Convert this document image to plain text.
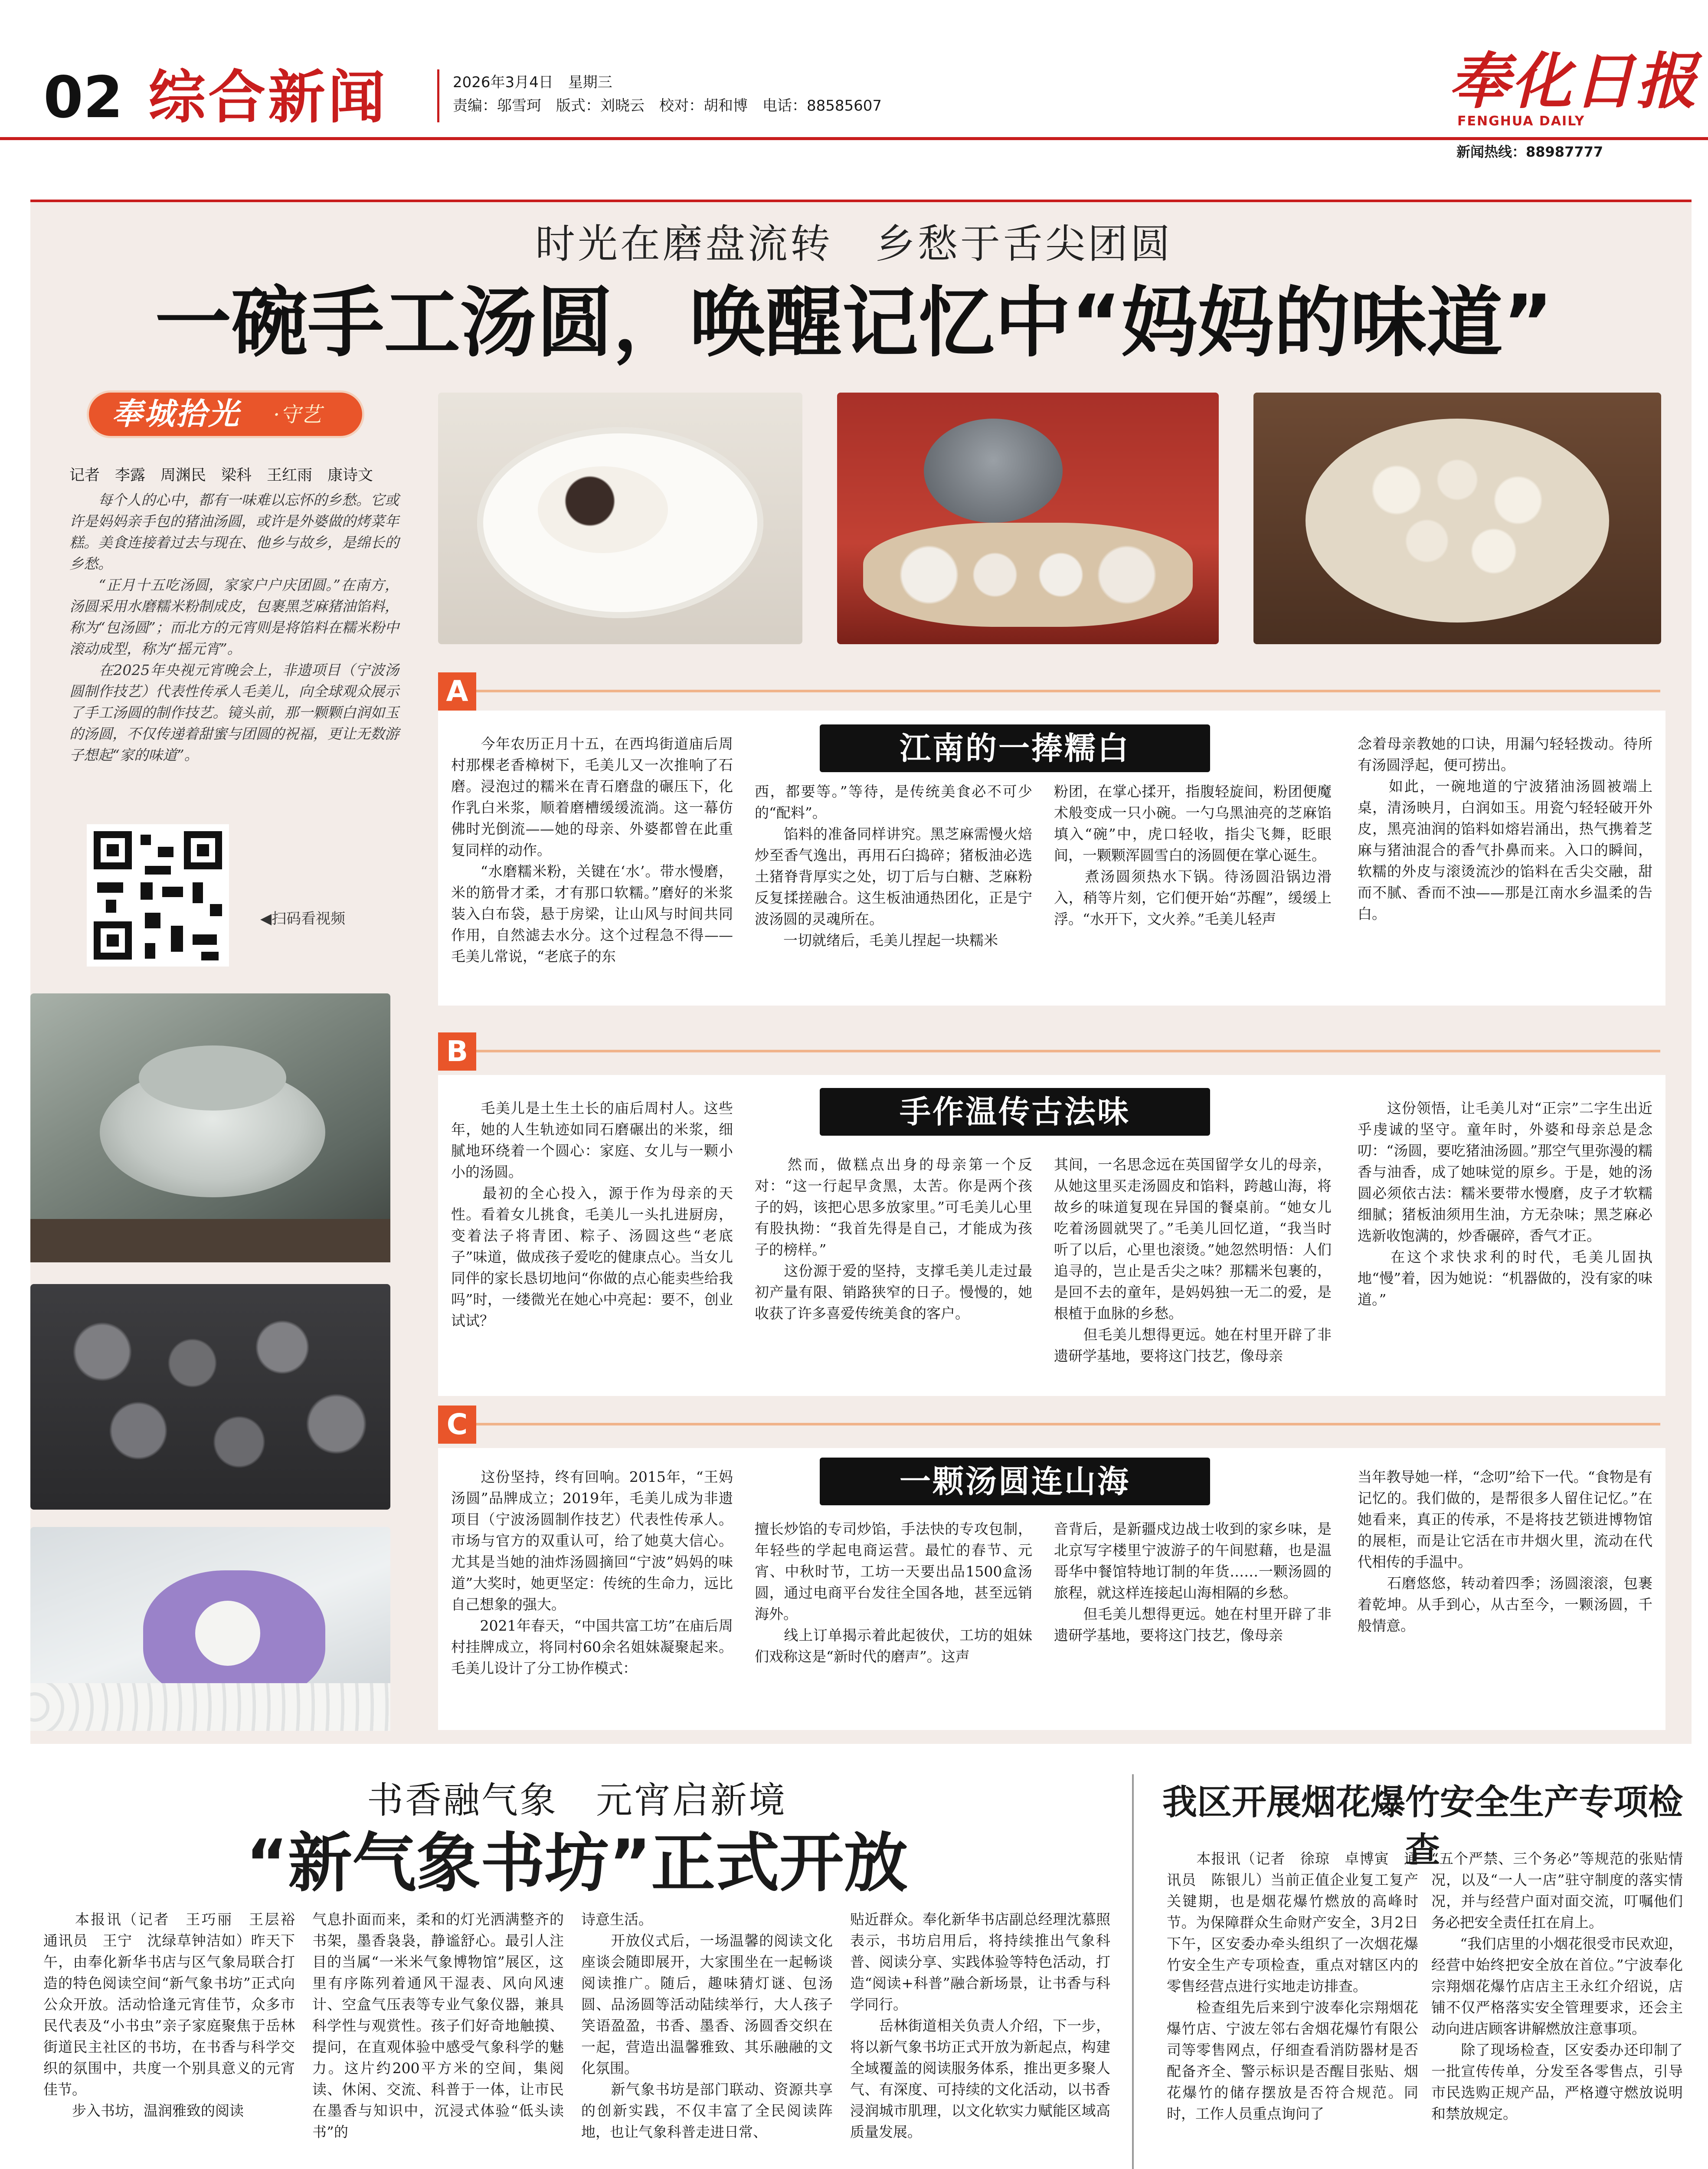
02 综合新闻	2026年3月4日　星期三
责编：邬雪珂　版式：刘晓云　校对：胡和博　电话：88585607	奉化日报
FENGHUA DAILY
新闻热线：88987777
时光在磨盘流转　乡愁于舌尖团圆
一碗手工汤圆，唤醒记忆中“妈妈的味道”
奉城拾光 ·守艺
记者　李露　周渊民　梁科　王红雨　康诗文
　　每个人的心中，都有一味难以忘怀的乡愁。它或许是妈妈亲手包的猪油汤圆，或许是外婆做的烤菜年糕。美食连接着过去与现在、他乡与故乡，是绵长的乡愁。
　　“正月十五吃汤圆，家家户户庆团圆。”在南方，汤圆采用水磨糯米粉制成皮，包裹黑芝麻猪油馅料，称为“包汤圆”；而北方的元宵则是将馅料在糯米粉中滚动成型，称为“摇元宵”。
　　在2025年央视元宵晚会上，非遗项目（宁波汤圆制作技艺）代表性传承人毛美儿，向全球观众展示了手工汤圆的制作技艺。镜头前，那一颗颗白润如玉的汤圆，不仅传递着甜蜜与团圆的祝福，更让无数游子想起“家的味道”。
◀扫码看视频
A
江南的一捧糯白
　　今年农历正月十五，在西坞街道庙后周村那棵老香樟树下，毛美儿又一次推响了石磨。浸泡过的糯米在青石磨盘的碾压下，化作乳白米浆，顺着磨槽缓缓流淌。这一幕仿佛时光倒流——她的母亲、外婆都曾在此重复同样的动作。
　　“水磨糯米粉，关键在‘水’。带水慢磨，米的筋骨才柔，才有那口软糯。”磨好的米浆装入白布袋，悬于房梁，让山风与时间共同作用，自然滤去水分。这个过程急不得——毛美儿常说，“老底子的东
西，都要等。”等待，是传统美食必不可少的“配料”。
　　馅料的准备同样讲究。黑芝麻需慢火焙炒至香气逸出，再用石臼捣碎；猪板油必选土猪脊背厚实之处，切丁后与白糖、芝麻粉反复揉搓融合。这生板油通热团化，正是宁波汤圆的灵魂所在。
　　一切就绪后，毛美儿捏起一块糯米
粉团，在掌心揉开，指腹轻旋间，粉团便魔术般变成一只小碗。一勺乌黑油亮的芝麻馅填入“碗”中，虎口轻收，指尖飞舞，眨眼间，一颗颗浑圆雪白的汤圆便在掌心诞生。
　　煮汤圆须热水下锅。待汤圆沿锅边滑入，稍等片刻，它们便开始“苏醒”，缓缓上浮。“水开下，文火养。”毛美儿轻声
念着母亲教她的口诀，用漏勺轻轻拨动。待所有汤圆浮起，便可捞出。
　　如此，一碗地道的宁波猪油汤圆被端上桌，清汤映月，白润如玉。用瓷勺轻轻破开外皮，黑亮油润的馅料如熔岩涌出，热气携着芝麻与猪油混合的香气扑鼻而来。入口的瞬间，软糯的外皮与滚烫流沙的馅料在舌尖交融，甜而不腻、香而不浊——那是江南水乡温柔的告白。
B
手作温传古法味
　　毛美儿是土生土长的庙后周村人。这些年，她的人生轨迹如同石磨碾出的米浆，细腻地环绕着一个圆心：家庭、女儿与一颗小小的汤圆。
　　最初的全心投入，源于作为母亲的天性。看着女儿挑食，毛美儿一头扎进厨房，变着法子将青团、粽子、汤圆这些“老底子”味道，做成孩子爱吃的健康点心。当女儿同伴的家长恳切地问“你做的点心能卖些给我吗”时，一缕微光在她心中亮起：要不，创业试试？
　　然而，做糕点出身的母亲第一个反对：“这一行起早贪黑，太苦。你是两个孩子的妈，该把心思多放家里。”可毛美儿心里有股执拗：“我首先得是自己，才能成为孩子的榜样。”
　　这份源于爱的坚持，支撑毛美儿走过最初产量有限、销路狭窄的日子。慢慢的，她收获了许多喜爱传统美食的客户。
其间，一名思念远在英国留学女儿的母亲，从她这里买走汤圆皮和馅料，跨越山海，将故乡的味道复现在异国的餐桌前。“她女儿吃着汤圆就哭了。”毛美儿回忆道，“我当时听了以后，心里也滚烫。”她忽然明悟：人们追寻的，岂止是舌尖之味？那糯米包裹的，是回不去的童年，是妈妈独一无二的爱，是根植于血脉的乡愁。
　　但毛美儿想得更远。她在村里开辟了非遗研学基地，要将这门技艺，像母亲
　　这份领悟，让毛美儿对“正宗”二字生出近乎虔诚的坚守。童年时，外婆和母亲总是念叨：“汤圆，要吃猪油汤圆。”那空气里弥漫的糯香与油香，成了她味觉的原乡。于是，她的汤圆必须依古法：糯米要带水慢磨，皮子才软糯细腻；猪板油须用生油，方无杂味；黑芝麻必选新收饱满的，炒香碾碎，香气才正。
　　在这个求快求利的时代，毛美儿固执地“慢”着，因为她说：“机器做的，没有家的味道。”
C
一颗汤圆连山海
　　这份坚持，终有回响。2015年，“王妈汤圆”品牌成立；2019年，毛美儿成为非遗项目（宁波汤圆制作技艺）代表性传承人。市场与官方的双重认可，给了她莫大信心。尤其是当她的油炸汤圆摘回“宁波”妈妈的味道”大奖时，她更坚定：传统的生命力，远比自己想象的强大。
　　2021年春天，“中国共富工坊”在庙后周村挂牌成立，将同村60余名姐妹凝聚起来。毛美儿设计了分工协作模式：
擅长炒馅的专司炒馅，手法快的专攻包制，年轻些的学起电商运营。最忙的春节、元宵、中秋时节，工坊一天要出品1500盒汤圆，通过电商平台发往全国各地，甚至远销海外。
　　线上订单揭示着此起彼伏，工坊的姐妹们戏称这是“新时代的磨声”。这声
音背后，是新疆戍边战士收到的家乡味，是北京写字楼里宁波游子的午间慰藉，也是温哥华中餐馆特地订制的年货……一颗汤圆的旅程，就这样连接起山海相隔的乡愁。
　　但毛美儿想得更远。她在村里开辟了非遗研学基地，要将这门技艺，像母亲
当年教导她一样，“念叨”给下一代。“食物是有记忆的。我们做的，是帮很多人留住记忆。”在她看来，真正的传承，不是将技艺锁进博物馆的展柜，而是让它活在市井烟火里，流动在代代相传的手温中。
　　石磨悠悠，转动着四季；汤圆滚滚，包裹着乾坤。从手到心，从古至今，一颗汤圆，千般情意。
书香融气象　元宵启新境
“新气象书坊”正式开放
　　本报讯（记者　王巧丽　王层裕　通讯员　王宁　沈绿草钟洁如）昨天下午，由奉化新华书店与区气象局联合打造的特色阅读空间“新气象书坊”正式向公众开放。活动恰逢元宵佳节，众多市民代表及“小书虫”亲子家庭聚焦于岳林街道民主社区的书坊，在书香与科学交织的氛围中，共度一个别具意义的元宵佳节。
　　步入书坊，温润雅致的阅读
气息扑面而来，柔和的灯光洒满整齐的书架，墨香袅袅，静谧舒心。最引人注目的当属“一米米气象博物馆”展区，这里有序陈列着通风干湿表、风向风速计、空盒气压表等专业气象仪器，兼具科学性与观赏性。孩子们好奇地触摸、提问，在直观体验中感受气象科学的魅力。这片约200平方米的空间，集阅读、休闲、交流、科普于一体，让市民在墨香与知识中，沉浸式体验“低头读书”的
诗意生活。
　　开放仪式后，一场温馨的阅读文化座谈会随即展开，大家围坐在一起畅谈阅读推广。随后，趣味猜灯谜、包汤圆、品汤圆等活动陆续举行，大人孩子笑语盈盈，书香、墨香、汤圆香交织在一起，营造出温馨雅致、其乐融融的文化氛围。
　　新气象书坊是部门联动、资源共享的创新实践，不仅丰富了全民阅读阵地，也让气象科普走进日常、
贴近群众。奉化新华书店副总经理沈慕照表示，书坊启用后，将持续推出气象科普、阅读分享、实践体验等特色活动，打造“阅读+科普”融合新场景，让书香与科学同行。
　　岳林街道相关负责人介绍，下一步，将以新气象书坊正式开放为新起点，构建全域覆盖的阅读服务体系，推出更多聚人气、有深度、可持续的文化活动，以书香浸润城市肌理，以文化软实力赋能区域高质量发展。
我区开展烟花爆竹安全生产专项检查
　　本报讯（记者　徐琼　卓博寅　通讯员　陈银儿）当前正值企业复工复产关键期，也是烟花爆竹燃放的高峰时节。为保障群众生命财产安全，3月2日下午，区安委办牵头组织了一次烟花爆竹安全生产专项检查，重点对辖区内的零售经营点进行实地走访排查。
　　检查组先后来到宁波奉化宗翔烟花爆竹店、宁波左邻右舍烟花爆竹有限公司等零售网点，仔细查看消防器材是否配备齐全、警示标识是否醒目张贴、烟花爆竹的储存摆放是否符合规范。同时，工作人员重点询问了
“五个严禁、三个务必”等规范的张贴情况，以及“一人一店”驻守制度的落实情况，并与经营户面对面交流，叮嘱他们务必把安全责任扛在肩上。
　　“我们店里的小烟花很受市民欢迎，经营中始终把安全放在首位。”宁波奉化宗翔烟花爆竹店店主王永红介绍说，店铺不仅严格落实安全管理要求，还会主动向进店顾客讲解燃放注意事项。
　　除了现场检查，区安委办还印制了一批宣传传单，分发至各零售点，引导市民选购正规产品，严格遵守燃放说明和禁放规定。
